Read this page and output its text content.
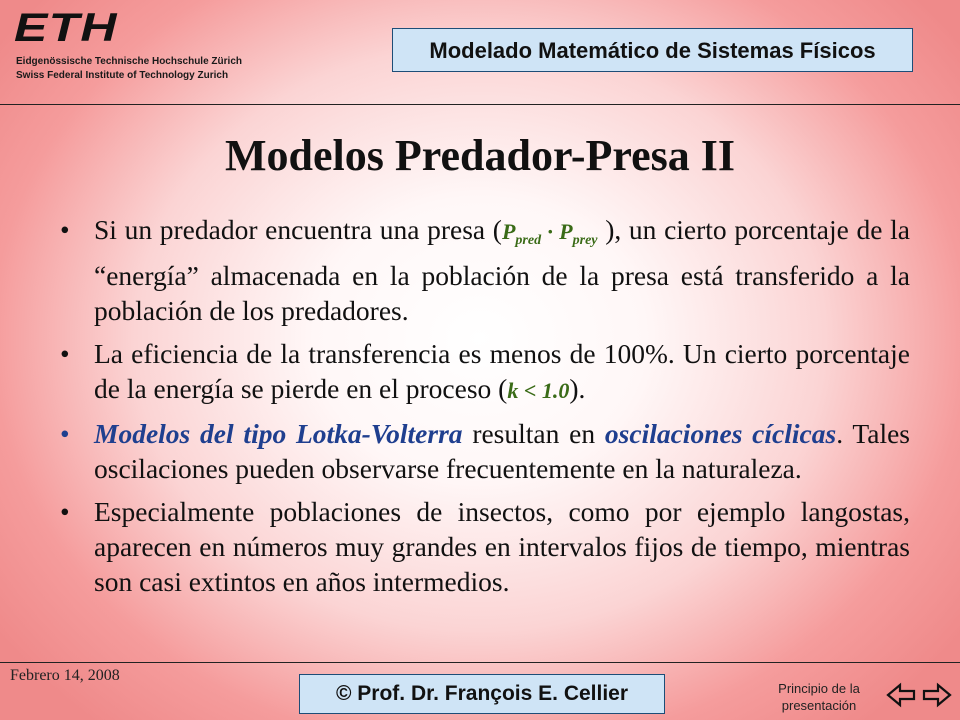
ETH
Eidgenössische Technische Hochschule Zürich
Swiss Federal Institute of Technology Zurich
Modelado Matemático de Sistemas Físicos
Modelos Predador-Presa II
• Si un predador encuentra una presa ($P_{pred} \cdot P_{prey}$ ), un cierto porcentaje de la “energía” almacenada en la población de la presa está transferido a la población de los predadores.
• La eficiencia de la transferencia es menos de 100%. Un cierto porcentaje de la energía se pierde en el proceso (k < 1.0).
• Modelos del tipo Lotka-Volterra resultan en oscilaciones cíclicas. Tales oscilaciones pueden observarse frecuentemente en la naturaleza.
• Especialmente poblaciones de insectos, como por ejemplo langostas, aparecen en números muy grandes en intervalos fijos de tiempo, mientras son casi extintos en años intermedios.
Febrero 14, 2008
© Prof. Dr. François E. Cellier	Principio de la presentación
